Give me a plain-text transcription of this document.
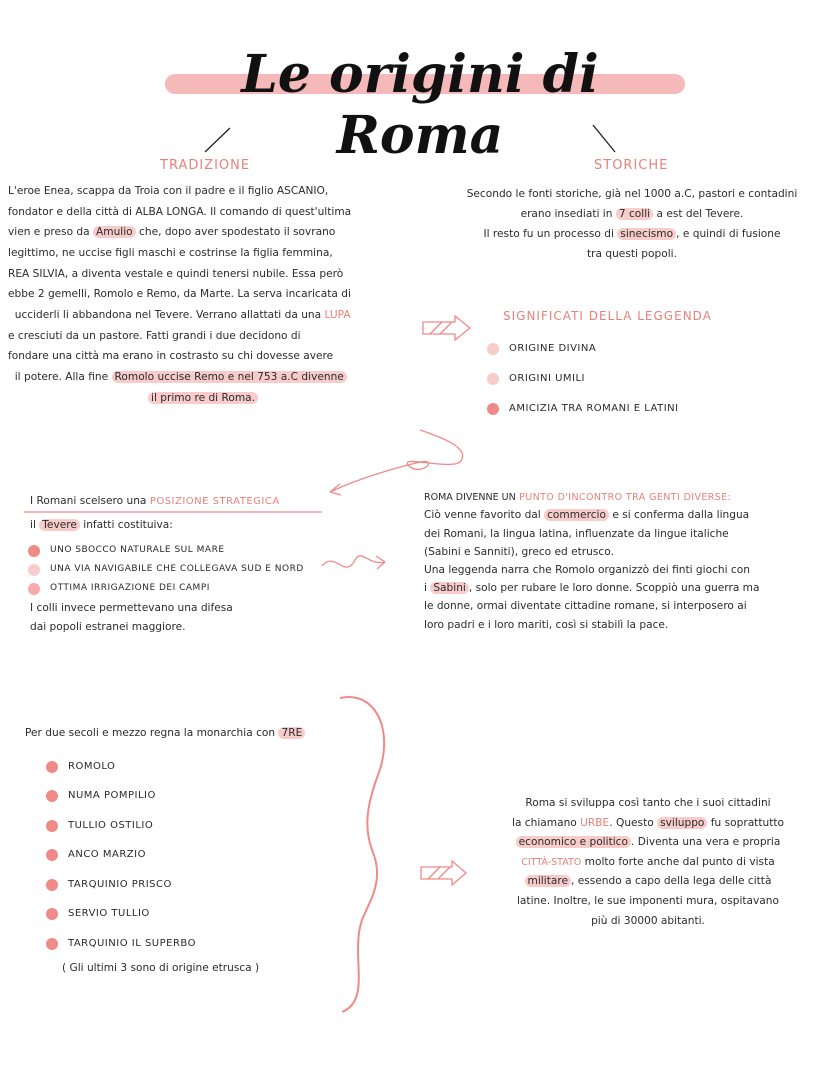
Le origini di Roma
TRADIZIONE
L'eroe Enea, scappa da Troia con il padre e il figlio ASCANIO,
fondator e della città di ALBA LONGA. Il comando di quest'ultima
vien e preso da Amulio che, dopo aver spodestato il sovrano
legittimo, ne uccise figli maschi e costrinse la figlia femmina,
REA SILVIA, a diventa vestale e quindi tenersi nubile. Essa però
ebbe 2 gemelli, Romolo e Remo, da Marte. La serva incaricata di
ucciderli li abbandona nel Tevere. Verrano allattati da una LUPA
e cresciuti da un pastore. Fatti grandi i due decidono di
fondare una città ma erano in costrasto su chi dovesse avere
il potere. Alla fine Romolo uccise Remo e nel 753 a.C divenne
il primo re di Roma.
STORICHE
Secondo le fonti storiche, già nel 1000 a.C, pastori e contadini
erano insediati in 7 colli a est del Tevere.
Il resto fu un processo di sinecismo , e quindi di fusione
tra questi popoli.
SIGNIFICATI DELLA LEGGENDA
ORIGINE DIVINA
ORIGINI UMILI
AMICIZIA TRA ROMANI E LATINI
I Romani scelsero una POSIZIONE STRATEGICA
il Tevere infatti costituiva:
UNO SBOCCO NATURALE SUL MARE
UNA VIA NAVIGABILE CHE COLLEGAVA SUD E NORD
OTTIMA IRRIGAZIONE DEI CAMPI
I colli invece permettevano una difesa
dai popoli estranei maggiore.
ROMA DIVENNE UN PUNTO D'INCONTRO TRA GENTI DIVERSE:
Ciò venne favorito dal commercio e si conferma dalla lingua
dei Romani, la lingua latina, influenzate da lingue italiche
(Sabini e Sanniti), greco ed etrusco.
Una leggenda narra che Romolo organizzò dei finti giochi con
i Sabini , solo per rubare le loro donne. Scoppiò una guerra ma
le donne, ormai diventate cittadine romane, si interposero ai
loro padri e i loro mariti, così si stabilì la pace.
Per due secoli e mezzo regna la monarchia con 7RE
ROMOLO
NUMA POMPILIO
TULLIO OSTILIO
ANCO MARZIO
TARQUINIO PRISCO
SERVIO TULLIO
TARQUINIO IL SUPERBO
( Gli ultimi 3 sono di origine etrusca )
Roma si sviluppa così tanto che i suoi cittadini
la chiamano URBE. Questo sviluppo fu soprattutto
economico e politico . Diventa una vera e propria
CITTÀ-STATO molto forte anche dal punto di vista
militare , essendo a capo della lega delle città
latine. Inoltre, le sue imponenti mura, ospitavano
più di 30000 abitanti.
